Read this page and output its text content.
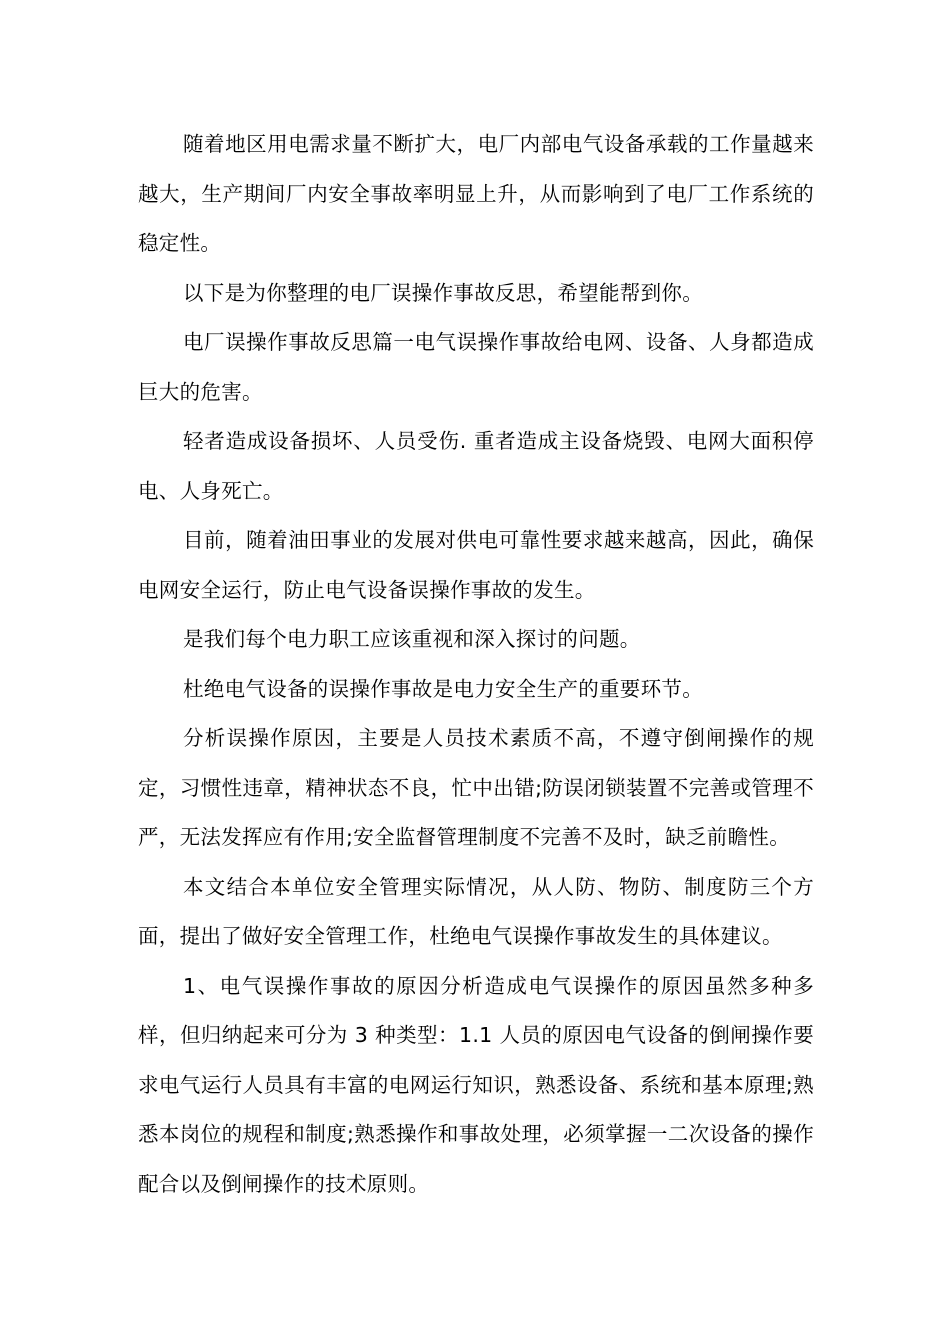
随着地区用电需求量不断扩大，电厂内部电气设备承载的工作量越来越大，生产期间厂内安全事故率明显上升，从而影响到了电厂工作系统的稳定性。

以下是为你整理的电厂误操作事故反思，希望能帮到你。

电厂误操作事故反思篇一电气误操作事故给电网、设备、人身都造成巨大的危害。

轻者造成设备损坏、人员受伤. 重者造成主设备烧毁、电网大面积停电、人身死亡。

目前，随着油田事业的发展对供电可靠性要求越来越高，因此，确保电网安全运行，防止电气设备误操作事故的发生。

是我们每个电力职工应该重视和深入探讨的问题。

杜绝电气设备的误操作事故是电力安全生产的重要环节。

分析误操作原因，主要是人员技术素质不高，不遵守倒闸操作的规定，习惯性违章，精神状态不良，忙中出错;防误闭锁装置不完善或管理不严，无法发挥应有作用;安全监督管理制度不完善不及时，缺乏前瞻性。

本文结合本单位安全管理实际情况，从人防、物防、制度防三个方面，提出了做好安全管理工作，杜绝电气误操作事故发生的具体建议。

1、电气误操作事故的原因分析造成电气误操作的原因虽然多种多样，但归纳起来可分为 3 种类型：1.1 人员的原因电气设备的倒闸操作要求电气运行人员具有丰富的电网运行知识，熟悉设备、系统和基本原理;熟悉本岗位的规程和制度;熟悉操作和事故处理，必须掌握一二次设备的操作配合以及倒闸操作的技术原则。
